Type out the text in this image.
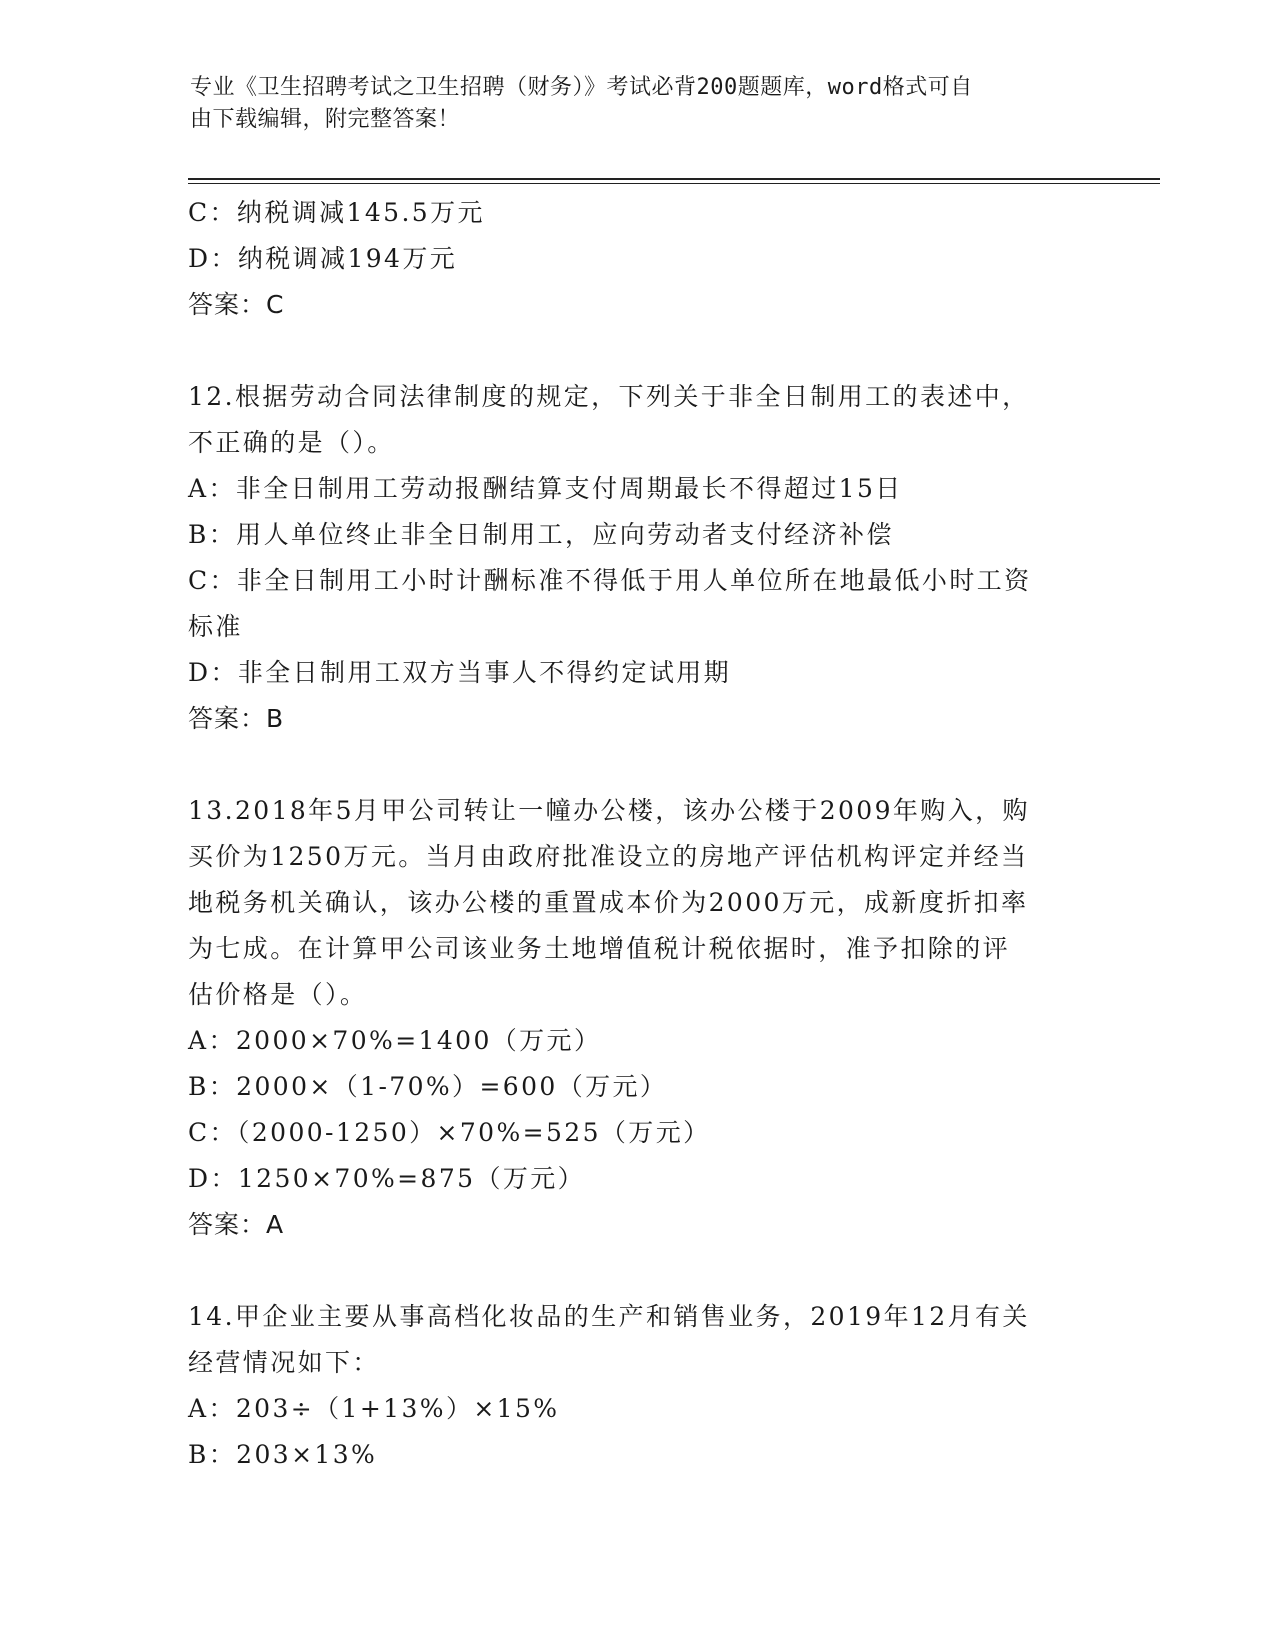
专业《卫生招聘考试之卫生招聘（财务）》考试必背200题题库，word格式可自
由下载编辑，附完整答案！
C：纳税调减145.5万元
D：纳税调减194万元
答案：C
12.根据劳动合同法律制度的规定，下列关于非全日制用工的表述中，
不正确的是（）。
A：非全日制用工劳动报酬结算支付周期最长不得超过15日
B：用人单位终止非全日制用工，应向劳动者支付经济补偿
C：非全日制用工小时计酬标准不得低于用人单位所在地最低小时工资
标准
D：非全日制用工双方当事人不得约定试用期
答案：B
13.2018年5月甲公司转让一幢办公楼，该办公楼于2009年购入，购
买价为1250万元。当月由政府批准设立的房地产评估机构评定并经当
地税务机关确认，该办公楼的重置成本价为2000万元，成新度折扣率
为七成。在计算甲公司该业务土地增值税计税依据时，准予扣除的评
估价格是（）。
A：2000×70%=1400（万元）
B：2000×（1-70%）=600（万元）
C：（2000-1250）×70%=525（万元）
D：1250×70%=875（万元）
答案：A
14.甲企业主要从事高档化妆品的生产和销售业务，2019年12月有关
经营情况如下：
A：203÷（1+13%）×15%
B：203×13%
